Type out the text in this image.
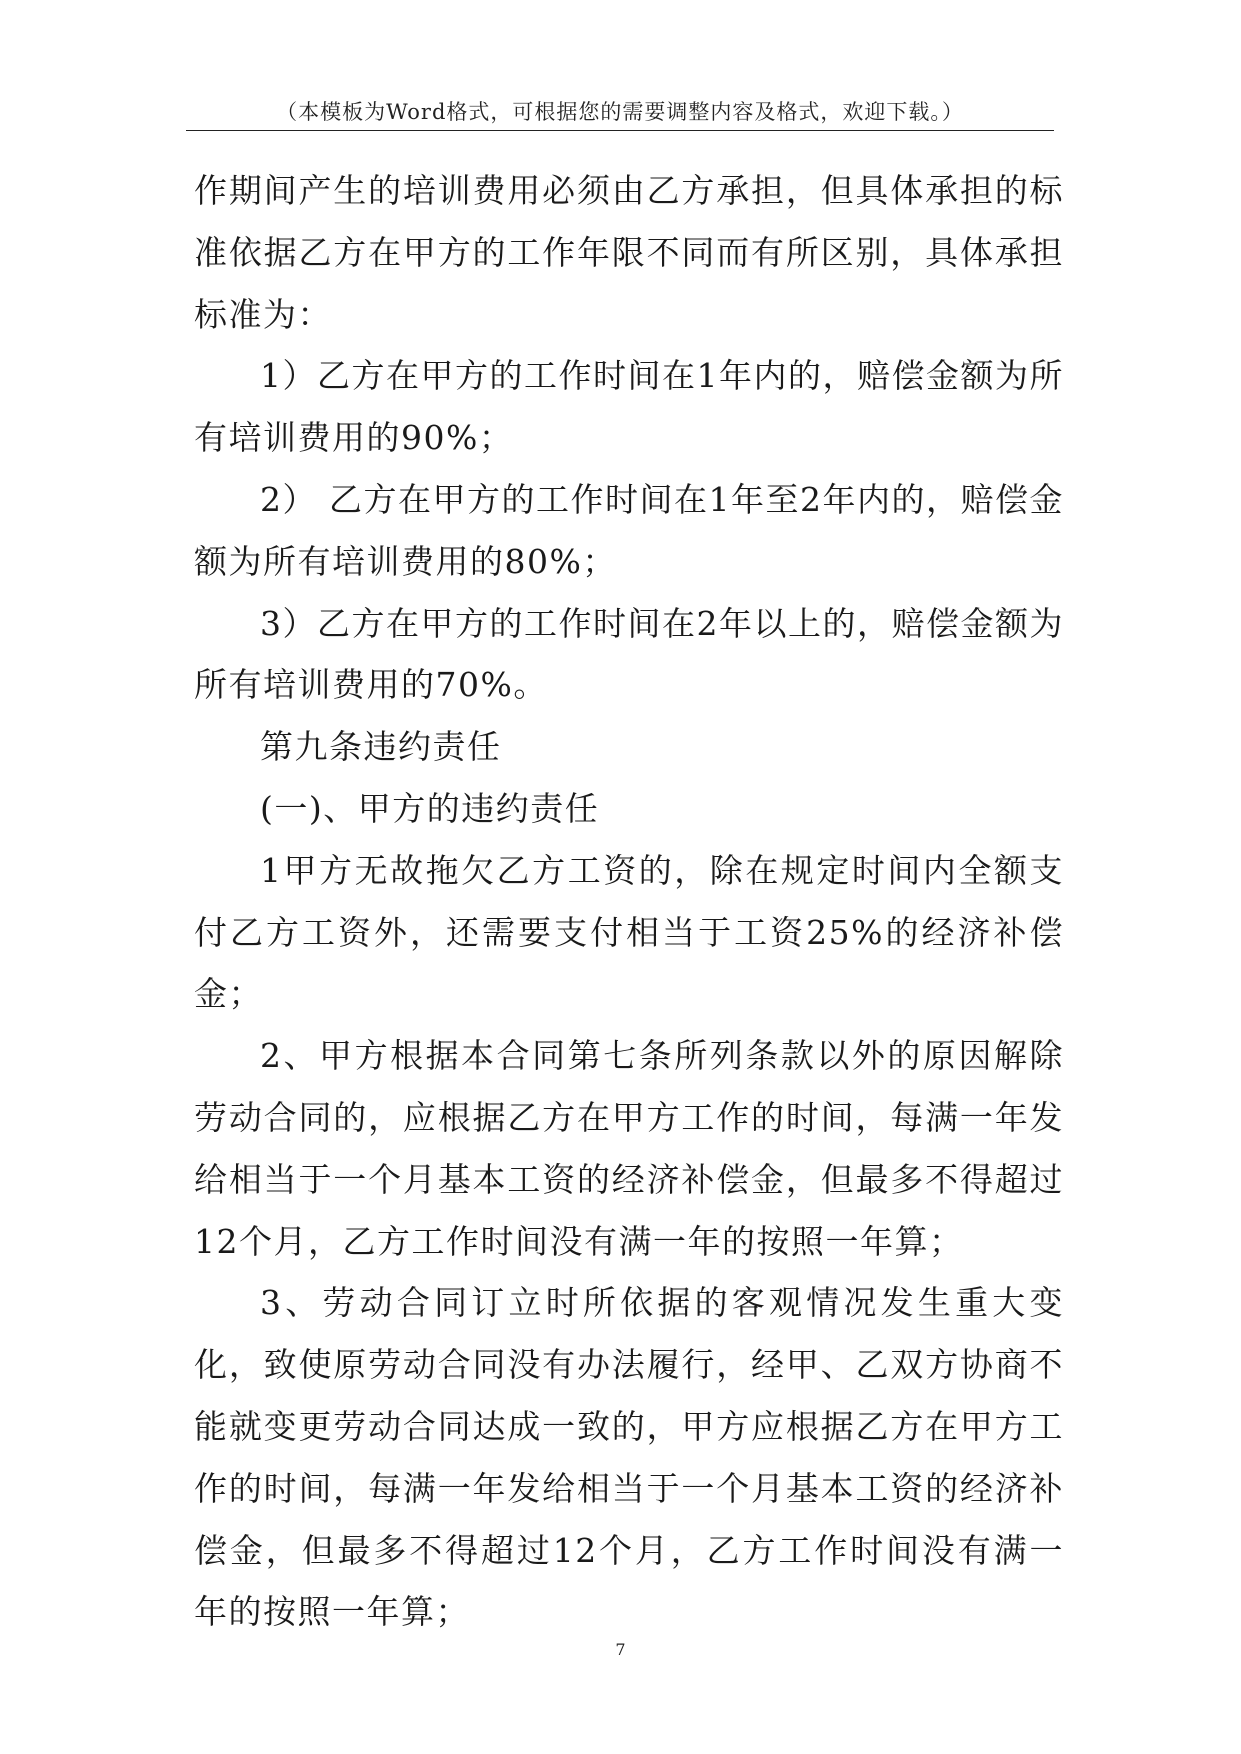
（本模板为Word格式，可根据您的需要调整内容及格式，欢迎下载。）

作期间产生的培训费用必须由乙方承担，但具体承担的标准依据乙方在甲方的工作年限不同而有所区别，具体承担标准为：

1）乙方在甲方的工作时间在1年内的，赔偿金额为所有培训费用的90%；

2） 乙方在甲方的工作时间在1年至2年内的，赔偿金额为所有培训费用的80%；

3）乙方在甲方的工作时间在2年以上的，赔偿金额为所有培训费用的70%。

第九条违约责任

(一)、甲方的违约责任

1甲方无故拖欠乙方工资的，除在规定时间内全额支付乙方工资外，还需要支付相当于工资25%的经济补偿金；

2、甲方根据本合同第七条所列条款以外的原因解除劳动合同的，应根据乙方在甲方工作的时间，每满一年发给相当于一个月基本工资的经济补偿金，但最多不得超过12个月，乙方工作时间没有满一年的按照一年算；

3、劳动合同订立时所依据的客观情况发生重大变化，致使原劳动合同没有办法履行，经甲、乙双方协商不能就变更劳动合同达成一致的，甲方应根据乙方在甲方工作的时间，每满一年发给相当于一个月基本工资的经济补偿金，但最多不得超过12个月，乙方工作时间没有满一年的按照一年算；

7
